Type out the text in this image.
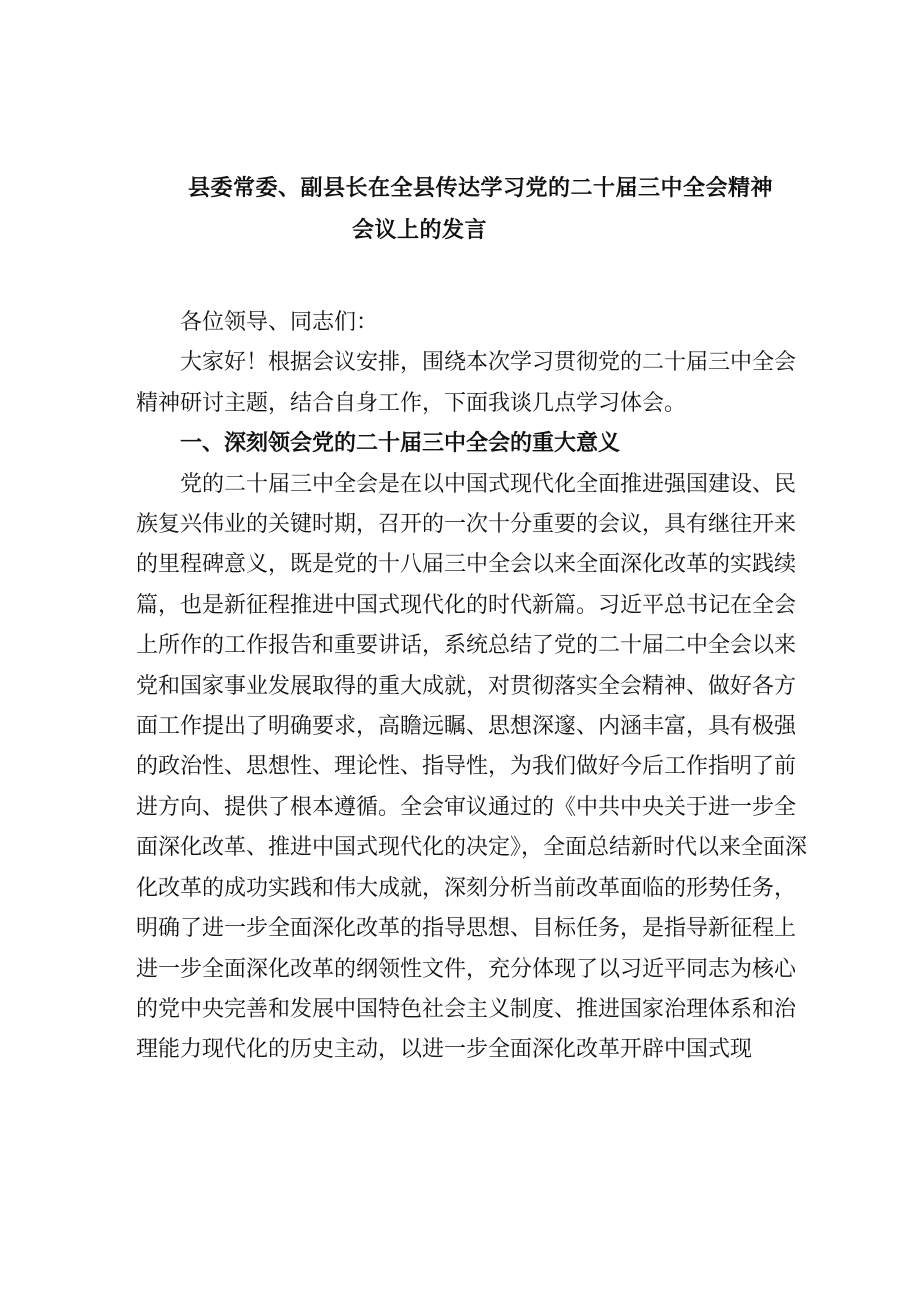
县委常委、副县长在全县传达学习党的二十届三中全会精神
会议上的发言

各位领导、同志们：

大家好！根据会议安排，围绕本次学习贯彻党的二十届三中全会精神研讨主题，结合自身工作，下面我谈几点学习体会。

一、深刻领会党的二十届三中全会的重大意义

党的二十届三中全会是在以中国式现代化全面推进强国建设、民族复兴伟业的关键时期，召开的一次十分重要的会议，具有继往开来的里程碑意义，既是党的十八届三中全会以来全面深化改革的实践续篇，也是新征程推进中国式现代化的时代新篇。习近平总书记在全会上所作的工作报告和重要讲话，系统总结了党的二十届二中全会以来党和国家事业发展取得的重大成就，对贯彻落实全会精神、做好各方面工作提出了明确要求，高瞻远瞩、思想深邃、内涵丰富，具有极强的政治性、思想性、理论性、指导性，为我们做好今后工作指明了前进方向、提供了根本遵循。全会审议通过的《中共中央关于进一步全面深化改革、推进中国式现代化的决定》，全面总结新时代以来全面深化改革的成功实践和伟大成就，深刻分析当前改革面临的形势任务，明确了进一步全面深化改革的指导思想、目标任务，是指导新征程上进一步全面深化改革的纲领性文件，充分体现了以习近平同志为核心的党中央完善和发展中国特色社会主义制度、推进国家治理体系和治理能力现代化的历史主动，以进一步全面深化改革开辟中国式现
